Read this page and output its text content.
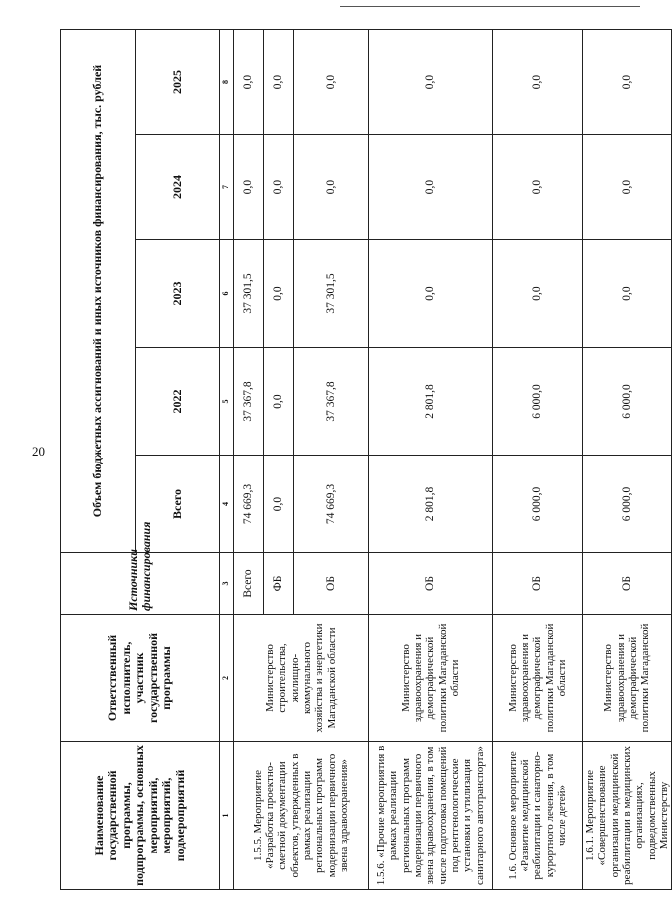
20
Наименование государственной программы, подпрограммы, основных мероприятий, мероприятий, подмероприятий	Ответственный исполнитель, участник государственной программы	Источники финансирования	Объем бюджетных ассигнований и иных источников финансирования, тыс. рублей				
			Всего	2022	2023	2024	2025
1	2	3	4	5	6	7	8
1.5.5. Мероприятие «Разработка проектно-сметной документации объектов, утвержденных в рамках реализации региональных программ модернизации первичного звена здравоохранения»	Министерство строительства, жилищно-коммунального хозяйства и энергетики Магаданской области	Всего	74 669,3	37 367,8	37 301,5	0,0	0,0
		ФБ	0,0	0,0	0,0	0,0	0,0
		ОБ	74 669,3	37 367,8	37 301,5	0,0	0,0
1.5.6. «Прочие мероприятия в рамках реализации региональных программ модернизации первичного звена здравоохранения, в том числе подготовка помещений под рентгенологические установки и утилизация санитарного автотранспорта»	Министерство здравоохранения и демографической политики Магаданской области	ОБ	2 801,8	2 801,8	0,0	0,0	0,0
1.6. Основное мероприятие «Развитие медицинской реабилитации и санаторно-курортного лечения, в том числе детей»	Министерство здравоохранения и демографической политики Магаданской области	ОБ	6 000,0	6 000,0	0,0	0,0	0,0
1.6.1. Мероприятие «Совершенствование организации медицинской реабилитации в медицинских организациях, подведомственных Министерству	Министерство здравоохранения и демографической политики Магаданской	ОБ	6 000,0	6 000,0	0,0	0,0	0,0
